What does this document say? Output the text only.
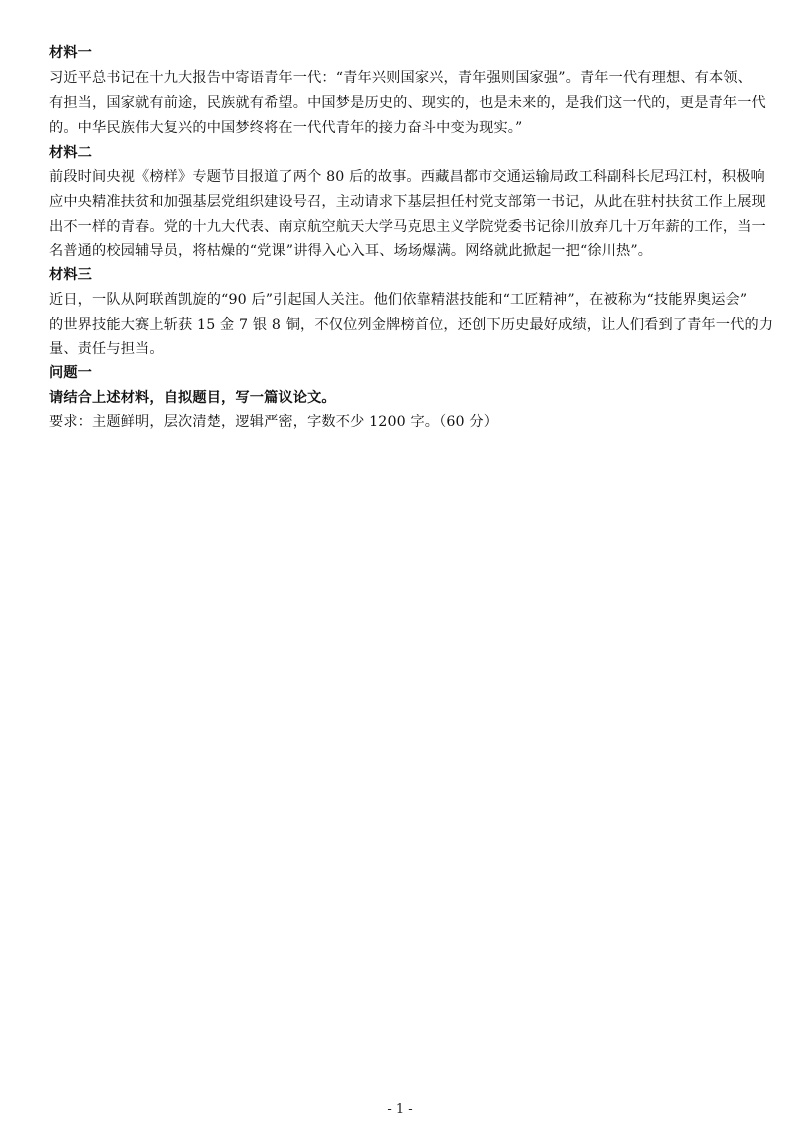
材料一
习近平总书记在十九大报告中寄语青年一代：“青年兴则国家兴，青年强则国家强”。青年一代有理想、有本领、
有担当，国家就有前途，民族就有希望。中国梦是历史的、现实的，也是未来的，是我们这一代的，更是青年一代
的。中华民族伟大复兴的中国梦终将在一代代青年的接力奋斗中变为现实。”
材料二
前段时间央视《榜样》专题节目报道了两个 80 后的故事。西藏昌都市交通运输局政工科副科长尼玛江村，积极响
应中央精准扶贫和加强基层党组织建设号召，主动请求下基层担任村党支部第一书记，从此在驻村扶贫工作上展现
出不一样的青春。党的十九大代表、南京航空航天大学马克思主义学院党委书记徐川放弃几十万年薪的工作，当一
名普通的校园辅导员，将枯燥的“党课”讲得入心入耳、场场爆满。网络就此掀起一把“徐川热”。
材料三
近日，一队从阿联酋凯旋的“90 后”引起国人关注。他们依靠精湛技能和“工匠精神”，在被称为“技能界奥运会”
的世界技能大赛上斩获 15 金 7 银 8 铜，不仅位列金牌榜首位，还创下历史最好成绩，让人们看到了青年一代的力
量、责任与担当。
问题一
请结合上述材料，自拟题目，写一篇议论文。
要求：主题鲜明，层次清楚，逻辑严密，字数不少 1200 字。（60 分）
- 1 -
